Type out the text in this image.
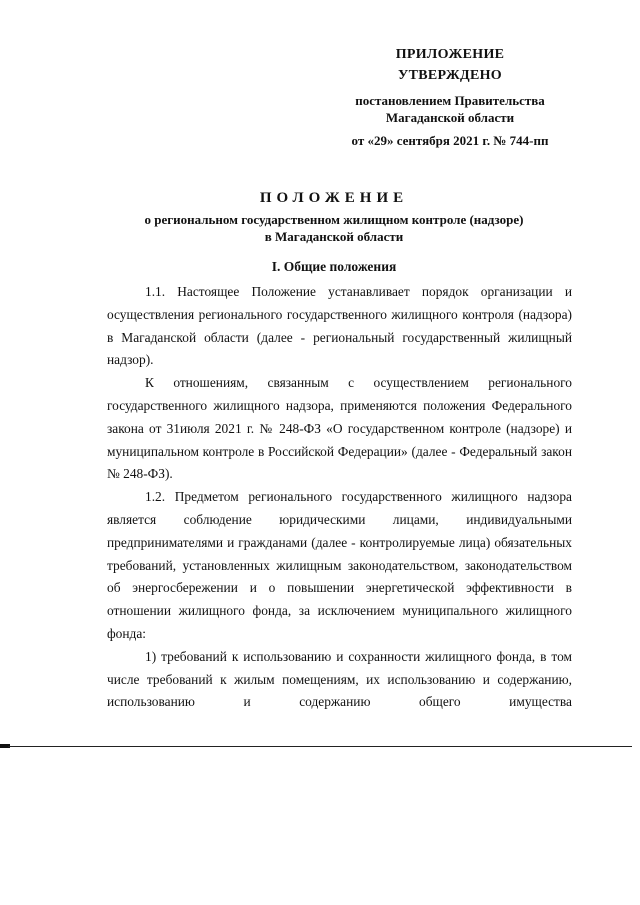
ПРИЛОЖЕНИЕ
УТВЕРЖДЕНО
постановлением Правительства
Магаданской области
от «29» сентября 2021 г. № 744-пп
ПОЛОЖЕНИЕ
о региональном государственном жилищном контроле (надзоре)
в Магаданской области
I. Общие положения

1.1. Настоящее Положение устанавливает порядок организации и осуществления регионального государственного жилищного контроля (надзора) в Магаданской области (далее - региональный государственный жилищный надзор).

К отношениям, связанным с осуществлением регионального государственного жилищного надзора, применяются положения Федерального закона от 31июля 2021 г. № 248-ФЗ «О государственном контроле (надзоре) и муниципальном контроле в Российской Федерации» (далее - Федеральный закон № 248-ФЗ).

1.2. Предметом регионального государственного жилищного надзора является соблюдение юридическими лицами, индивидуальными предпринимателями и гражданами (далее - контролируемые лица) обязательных требований, установленных жилищным законодательством, законодательством об энергосбережении и о повышении энергетической эффективности в отношении жилищного фонда, за исключением муниципального жилищного фонда:

1) требований к использованию и сохранности жилищного фонда, в том числе требований к жилым помещениям, их использованию и содержанию, использованию и содержанию общего имущества
